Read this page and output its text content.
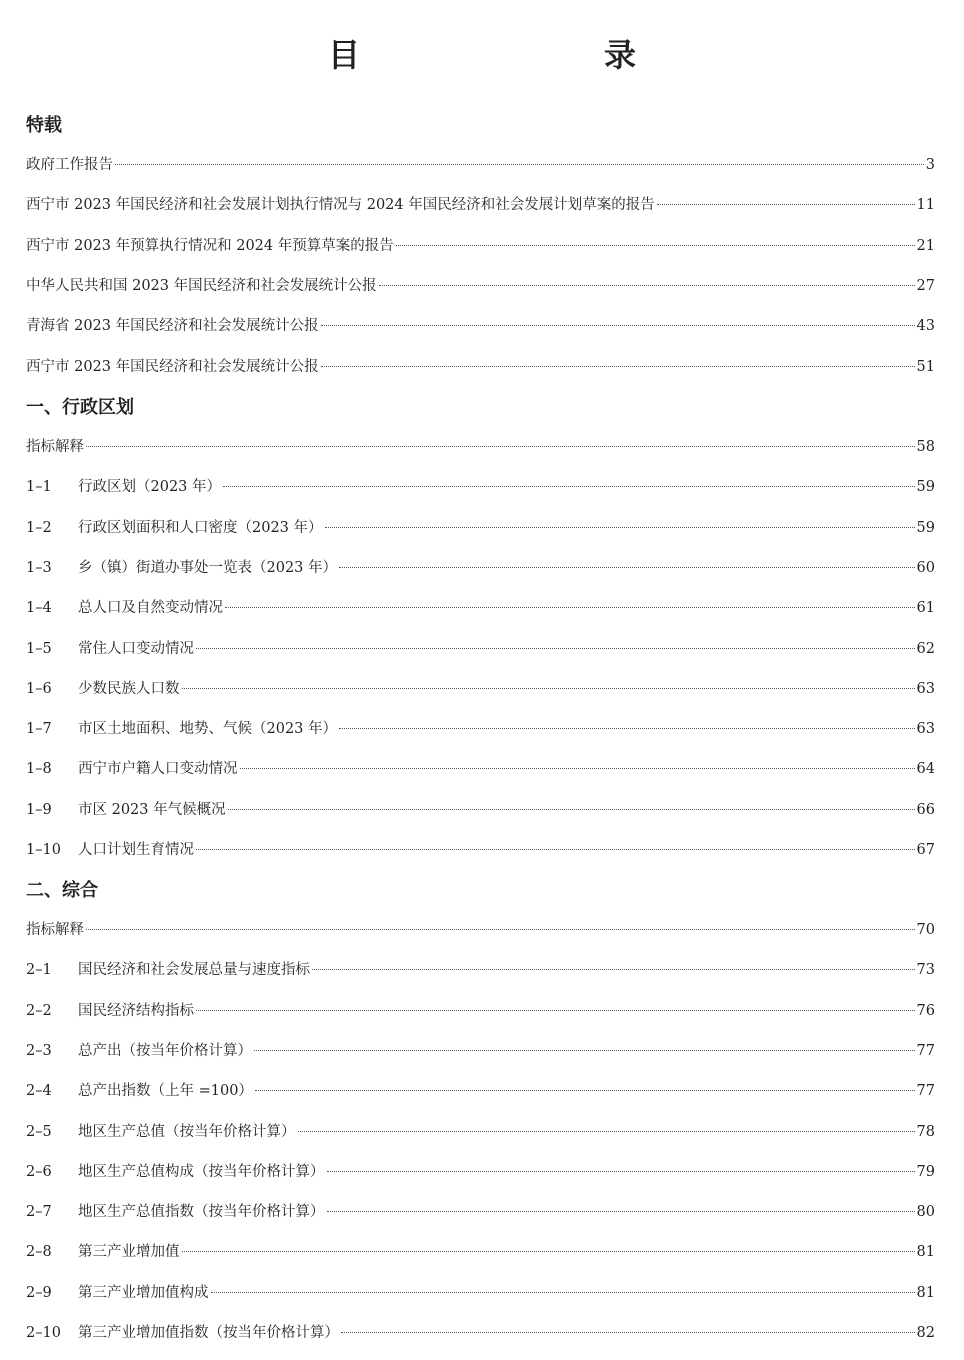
目　　录
特载
政府工作报告	3
西宁市 2023 年国民经济和社会发展计划执行情况与 2024 年国民经济和社会发展计划草案的报告	11
西宁市 2023 年预算执行情况和 2024 年预算草案的报告	21
中华人民共和国 2023 年国民经济和社会发展统计公报	27
青海省 2023 年国民经济和社会发展统计公报	43
西宁市 2023 年国民经济和社会发展统计公报	51
一、行政区划
指标解释	58
1–1	行政区划（2023 年）	59
1–2	行政区划面积和人口密度（2023 年）	59
1–3	乡（镇）街道办事处一览表（2023 年）	60
1–4	总人口及自然变动情况	61
1–5	常住人口变动情况	62
1–6	少数民族人口数	63
1–7	市区土地面积、地势、气候（2023 年）	63
1–8	西宁市户籍人口变动情况	64
1–9	市区 2023 年气候概况	66
1–10	人口计划生育情况	67
二、综合
指标解释	70
2–1	国民经济和社会发展总量与速度指标	73
2–2	国民经济结构指标	76
2–3	总产出（按当年价格计算）	77
2–4	总产出指数（上年 =100）	77
2–5	地区生产总值（按当年价格计算）	78
2–6	地区生产总值构成（按当年价格计算）	79
2–7	地区生产总值指数（按当年价格计算）	80
2–8	第三产业增加值	81
2–9	第三产业增加值构成	81
2–10	第三产业增加值指数（按当年价格计算）	82
